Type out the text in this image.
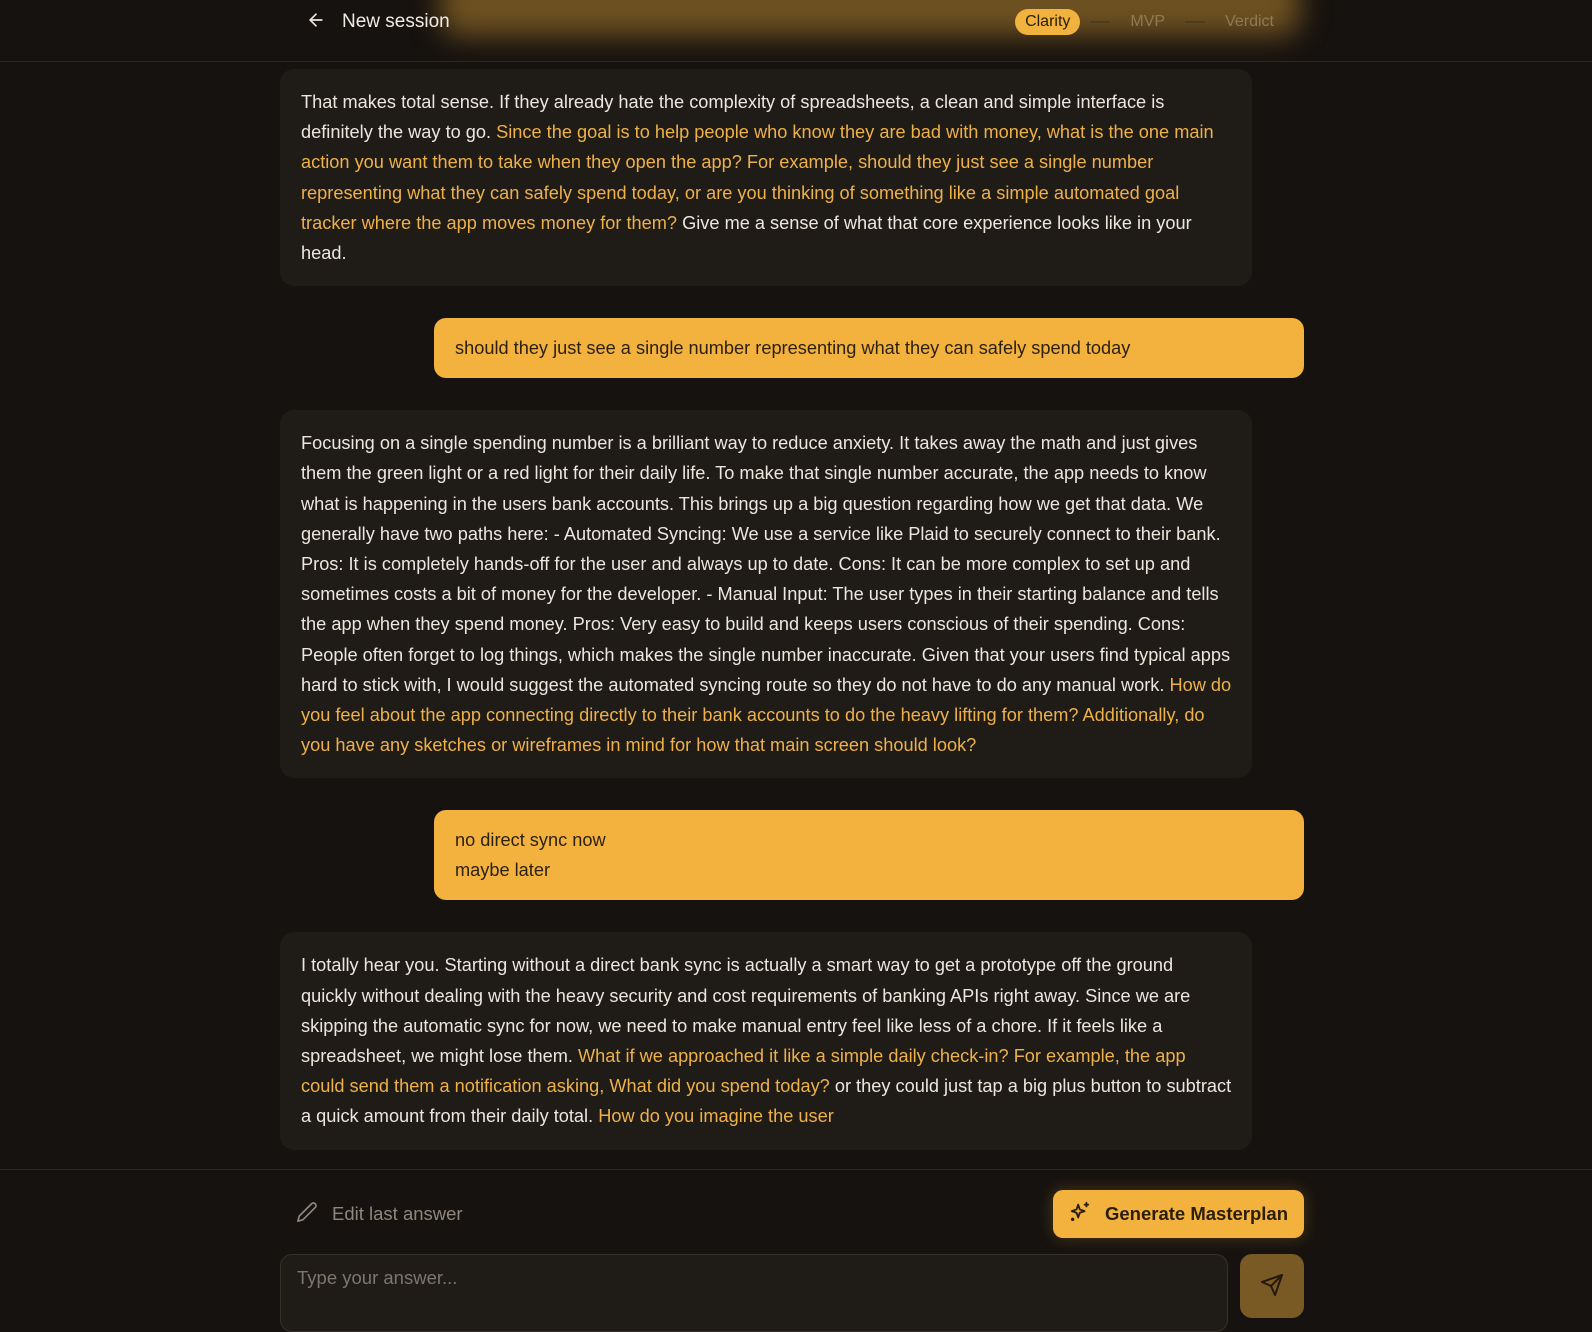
New session	Clarity	MVP	Verdict
That makes total sense. If they already hate the complexity of spreadsheets, a clean and simple interface is definitely the way to go. Since the goal is to help people who know they are bad with money, what is the one main action you want them to take when they open the app? For example, should they just see a single number representing what they can safely spend today, or are you thinking of something like a simple automated goal tracker where the app moves money for them? Give me a sense of what that core experience looks like in your head.
should they just see a single number representing what they can safely spend today
Focusing on a single spending number is a brilliant way to reduce anxiety. It takes away the math and just gives them the green light or a red light for their daily life. To make that single number accurate, the app needs to know what is happening in the users bank accounts. This brings up a big question regarding how we get that data. We generally have two paths here: - Automated Syncing: We use a service like Plaid to securely connect to their bank. Pros: It is completely hands-off for the user and always up to date. Cons: It can be more complex to set up and sometimes costs a bit of money for the developer. - Manual Input: The user types in their starting balance and tells the app when they spend money. Pros: Very easy to build and keeps users conscious of their spending. Cons: People often forget to log things, which makes the single number inaccurate. Given that your users find typical apps hard to stick with, I would suggest the automated syncing route so they do not have to do any manual work. How do you feel about the app connecting directly to their bank accounts to do the heavy lifting for them? Additionally, do you have any sketches or wireframes in mind for how that main screen should look?
no direct sync now
maybe later
I totally hear you. Starting without a direct bank sync is actually a smart way to get a prototype off the ground quickly without dealing with the heavy security and cost requirements of banking APIs right away. Since we are skipping the automatic sync for now, we need to make manual entry feel like less of a chore. If it feels like a spreadsheet, we might lose them. What if we approached it like a simple daily check-in? For example, the app could send them a notification asking, What did you spend today? or they could just tap a big plus button to subtract a quick amount from their daily total. How do you imagine the user
Edit last answer	Generate Masterplan
Type your answer...
